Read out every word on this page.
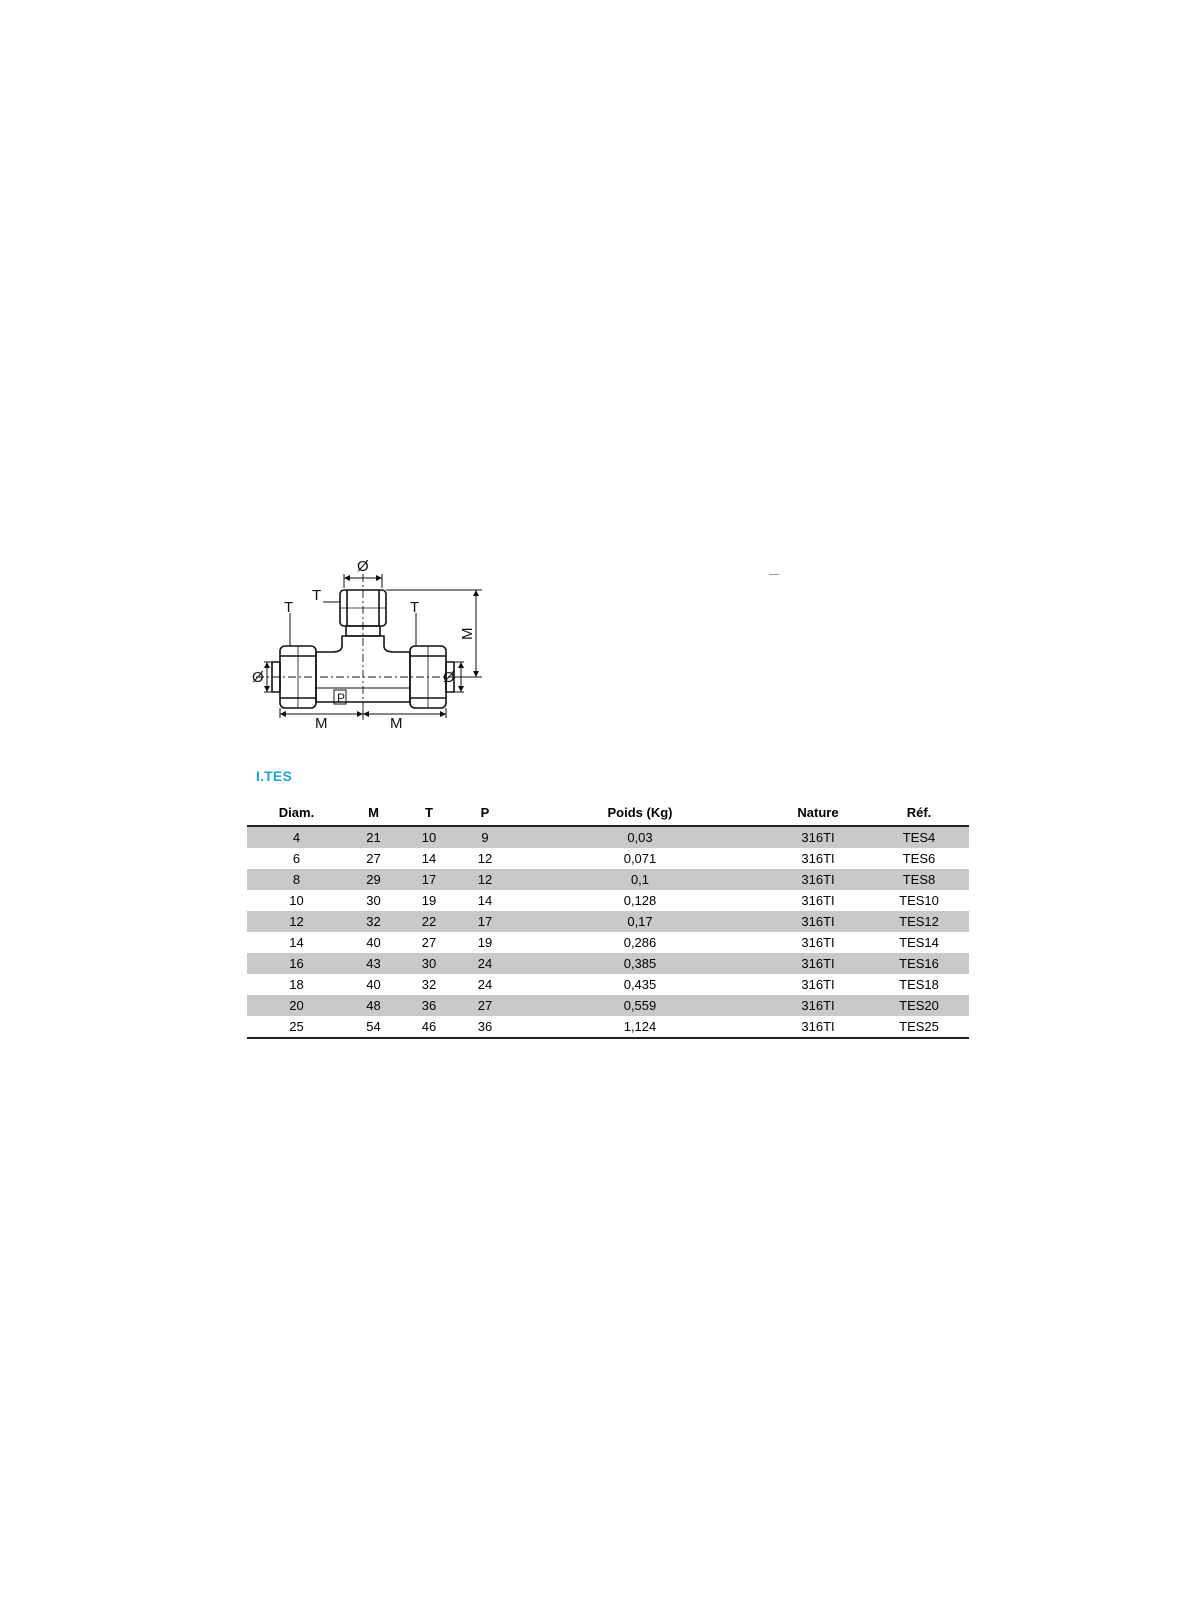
Ø
T
T	T
Ø	Ø
M
P
M	M
I.TES
Diam.	M	T	P	Poids (Kg)	Nature	Réf.
4	21	10	9	0,03	316TI	TES4
6	27	14	12	0,071	316TI	TES6
8	29	17	12	0,1	316TI	TES8
10	30	19	14	0,128	316TI	TES10
12	32	22	17	0,17	316TI	TES12
14	40	27	19	0,286	316TI	TES14
16	43	30	24	0,385	316TI	TES16
18	40	32	24	0,435	316TI	TES18
20	48	36	27	0,559	316TI	TES20
25	54	46	36	1,124	316TI	TES25
